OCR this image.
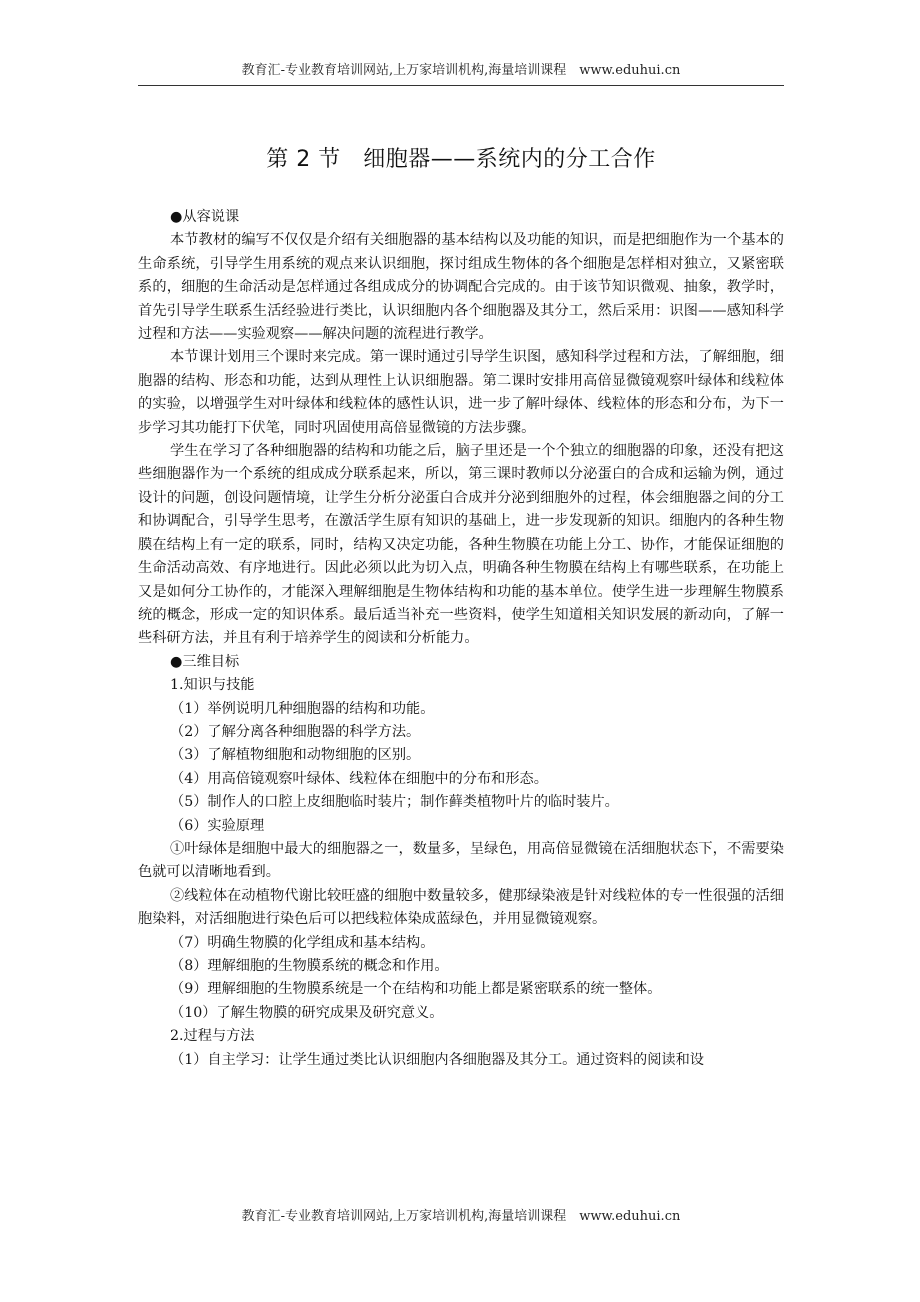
教育汇-专业教育培训网站,上万家培训机构,海量培训课程　www.eduhui.cn
第 2 节　细胞器——系统内的分工合作

●从容说课

本节教材的编写不仅仅是介绍有关细胞器的基本结构以及功能的知识，而是把细胞作为一个基本的生命系统，引导学生用系统的观点来认识细胞，探讨组成生物体的各个细胞是怎样相对独立，又紧密联系的，细胞的生命活动是怎样通过各组成成分的协调配合完成的。由于该节知识微观、抽象，教学时，首先引导学生联系生活经验进行类比，认识细胞内各个细胞器及其分工，然后采用：识图——感知科学过程和方法——实验观察——解决问题的流程进行教学。

本节课计划用三个课时来完成。第一课时通过引导学生识图，感知科学过程和方法，了解细胞，细胞器的结构、形态和功能，达到从理性上认识细胞器。第二课时安排用高倍显微镜观察叶绿体和线粒体的实验，以增强学生对叶绿体和线粒体的感性认识，进一步了解叶绿体、线粒体的形态和分布，为下一步学习其功能打下伏笔，同时巩固使用高倍显微镜的方法步骤。

学生在学习了各种细胞器的结构和功能之后，脑子里还是一个个独立的细胞器的印象，还没有把这些细胞器作为一个系统的组成成分联系起来，所以，第三课时教师以分泌蛋白的合成和运输为例，通过设计的问题，创设问题情境，让学生分析分泌蛋白合成并分泌到细胞外的过程，体会细胞器之间的分工和协调配合，引导学生思考，在激活学生原有知识的基础上，进一步发现新的知识。细胞内的各种生物膜在结构上有一定的联系，同时，结构又决定功能，各种生物膜在功能上分工、协作，才能保证细胞的生命活动高效、有序地进行。因此必须以此为切入点，明确各种生物膜在结构上有哪些联系，在功能上又是如何分工协作的，才能深入理解细胞是生物体结构和功能的基本单位。使学生进一步理解生物膜系统的概念，形成一定的知识体系。最后适当补充一些资料，使学生知道相关知识发展的新动向，了解一些科研方法，并且有利于培养学生的阅读和分析能力。

●三维目标

1.知识与技能

（1）举例说明几种细胞器的结构和功能。

（2）了解分离各种细胞器的科学方法。

（3）了解植物细胞和动物细胞的区别。

（4）用高倍镜观察叶绿体、线粒体在细胞中的分布和形态。

（5）制作人的口腔上皮细胞临时装片；制作藓类植物叶片的临时装片。

（6）实验原理

①叶绿体是细胞中最大的细胞器之一，数量多，呈绿色，用高倍显微镜在活细胞状态下，不需要染色就可以清晰地看到。

②线粒体在动植物代谢比较旺盛的细胞中数量较多，健那绿染液是针对线粒体的专一性很强的活细胞染料，对活细胞进行染色后可以把线粒体染成蓝绿色，并用显微镜观察。

（7）明确生物膜的化学组成和基本结构。

（8）理解细胞的生物膜系统的概念和作用。

（9）理解细胞的生物膜系统是一个在结构和功能上都是紧密联系的统一整体。

（10）了解生物膜的研究成果及研究意义。

2.过程与方法

（1）自主学习：让学生通过类比认识细胞内各细胞器及其分工。通过资料的阅读和设

教育汇-专业教育培训网站,上万家培训机构,海量培训课程　www.eduhui.cn
